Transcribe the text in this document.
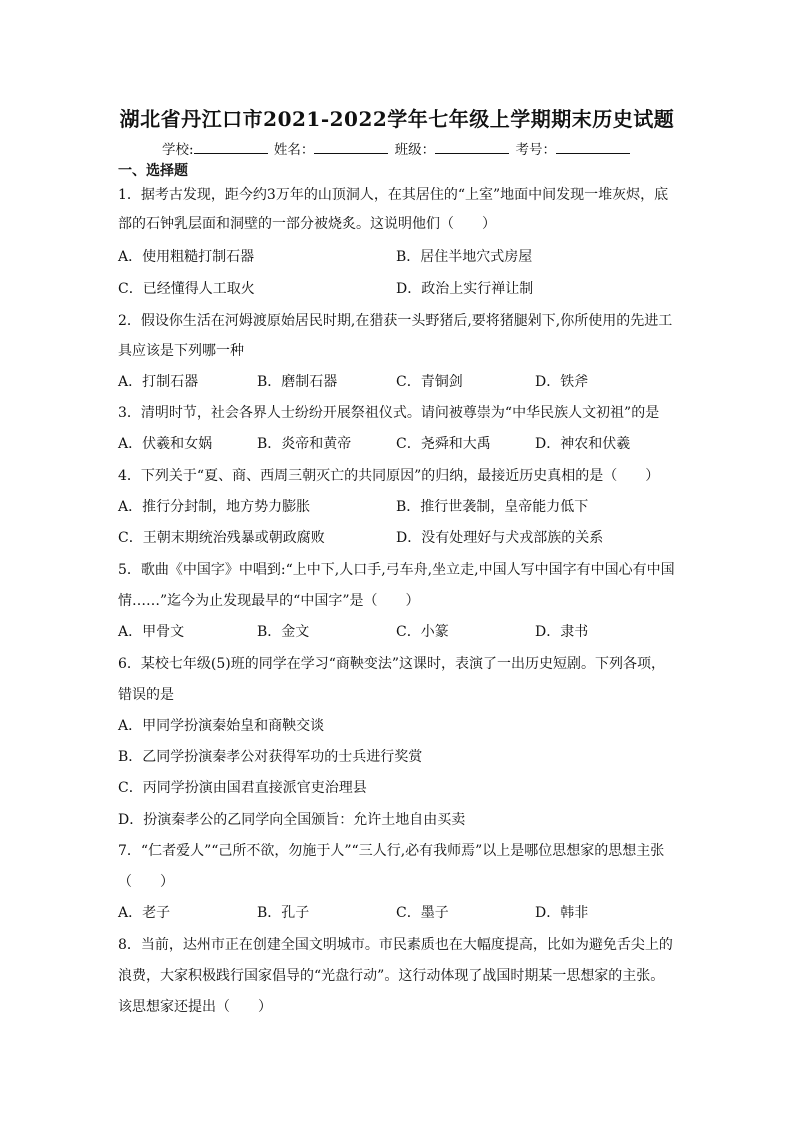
湖北省丹江口市2021-2022学年七年级上学期期末历史试题
学校:	姓名：	班级：	考号：
一、选择题
1．据考古发现，距今约3万年的山顶洞人，在其居住的“上室”地面中间发现一堆灰烬，底
部的石钟乳层面和洞壁的一部分被烧炙。这说明他们（　　）
A．使用粗糙打制石器	B．居住半地穴式房屋
C．已经懂得人工取火	D．政治上实行禅让制
2．假设你生活在河姆渡原始居民时期,在猎获一头野猪后,要将猪腿剁下,你所使用的先进工
具应该是下列哪一种
A．打制石器	B．磨制石器	C．青铜剑	D．铁斧
3．清明时节，社会各界人士纷纷开展祭祖仪式。请问被尊崇为“中华民族人文初祖”的是
A．伏羲和女娲	B．炎帝和黄帝	C．尧舜和大禹	D．神农和伏羲
4．下列关于“夏、商、西周三朝灭亡的共同原因”的归纳，最接近历史真相的是（　　）
A．推行分封制，地方势力膨胀	B．推行世袭制，皇帝能力低下
C．王朝末期统治残暴或朝政腐败	D．没有处理好与犬戎部族的关系
5．歌曲《中国字》中唱到:“上中下,人口手,弓车舟,坐立走,中国人写中国字有中国心有中国
情……”迄今为止发现最早的“中国字”是（　　）
A．甲骨文	B．金文	C．小篆	D．隶书
6．某校七年级(5)班的同学在学习“商鞅变法”这课时，表演了一出历史短剧。下列各项，
错误的是
A．甲同学扮演秦始皇和商鞅交谈
B．乙同学扮演秦孝公对获得军功的士兵进行奖赏
C．丙同学扮演由国君直接派官吏治理县
D．扮演秦孝公的乙同学向全国颁旨：允许土地自由买卖
7．“仁者爱人”“己所不欲，勿施于人”“三人行,必有我师焉”以上是哪位思想家的思想主张
（　　）
A．老子	B．孔子	C．墨子	D．韩非
8．当前，达州市正在创建全国文明城市。市民素质也在大幅度提高，比如为避免舌尖上的
浪费，大家积极践行国家倡导的“光盘行动”。这行动体现了战国时期某一思想家的主张。
该思想家还提出（　　）
